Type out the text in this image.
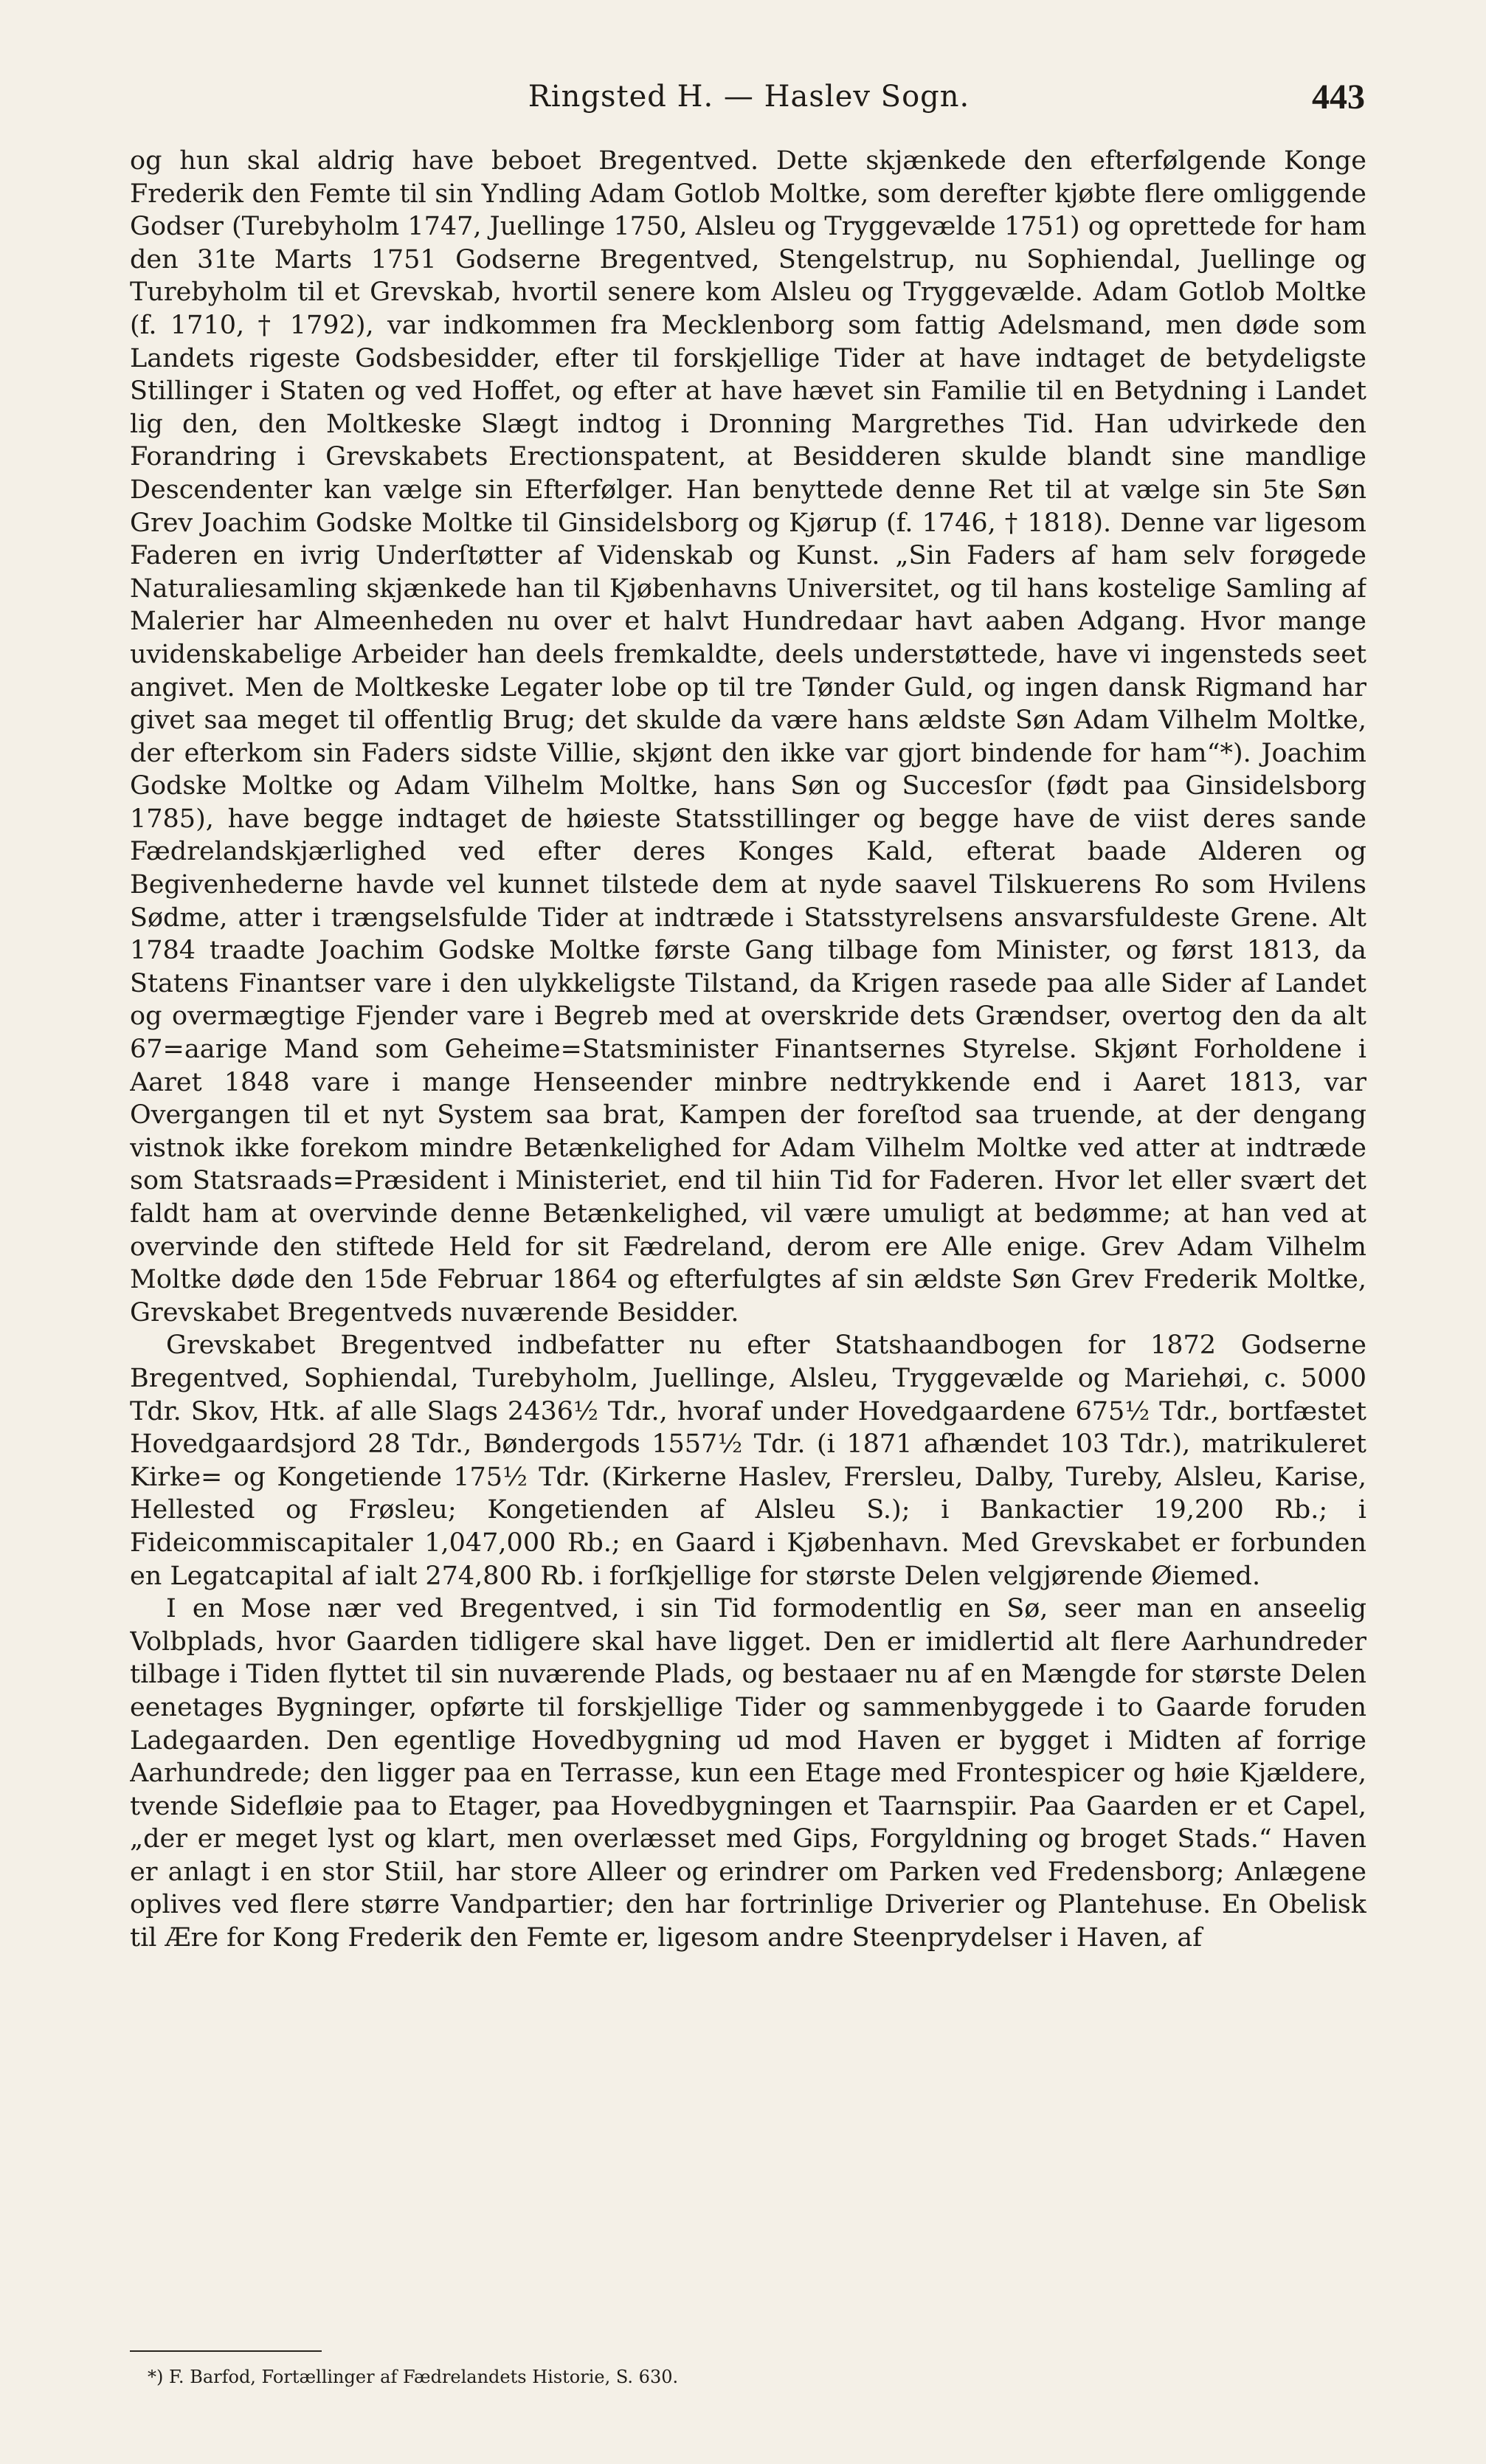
Ringsted H. — Haslev Sogn.	443

og hun skal aldrig have beboet Bregentved. Dette skjænkede den efterfølgende Konge Frederik den Femte til sin Yndling Adam Gotlob Moltke, som derefter kjøbte flere omliggende Godser (Turebyholm 1747, Juellinge 1750, Alsleu og Tryggevælde 1751) og oprettede for ham den 31te Marts 1751 Godserne Bregentved, Stengelstrup, nu Sophiendal, Juellinge og Turebyholm til et Grevskab, hvortil senere kom Alsleu og Tryggevælde. Adam Gotlob Moltke (f. 1710, † 1792), var indkommen fra Mecklenborg som fattig Adelsmand, men døde som Landets rigeste Godsbesidder, efter til forskjellige Tider at have indtaget de betydeligste Stillinger i Staten og ved Hoffet, og efter at have hævet sin Familie til en Betydning i Landet lig den, den Moltkeske Slægt indtog i Dronning Margrethes Tid. Han udvirkede den Forandring i Grevskabets Erectionspatent, at Besidderen skulde blandt sine mandlige Descendenter kan vælge sin Efterfølger. Han benyttede denne Ret til at vælge sin 5te Søn Grev Joachim Godske Moltke til Ginsidelsborg og Kjørup (f. 1746, † 1818). Denne var ligesom Faderen en ivrig Underſtøtter af Videnskab og Kunst. „Sin Faders af ham selv forøgede Naturaliesamling skjænkede han til Kjøbenhavns Universitet, og til hans kostelige Samling af Malerier har Almeenheden nu over et halvt Hundredaar havt aaben Adgang. Hvor mange uvidenskabelige Arbeider han deels fremkaldte, deels understøttede, have vi ingensteds seet angivet. Men de Moltkeske Legater lobe op til tre Tønder Guld, og ingen dansk Rigmand har givet saa meget til offentlig Brug; det skulde da være hans ældste Søn Adam Vilhelm Moltke, der efterkom sin Faders sidste Villie, skjønt den ikke var gjort bindende for ham“*). Joachim Godske Moltke og Adam Vilhelm Moltke, hans Søn og Succesſor (født paa Ginsidelsborg 1785), have begge indtaget de høieste Statsstillinger og begge have de viist deres sande Fædrelandskjærlighed ved efter deres Konges Kald, efterat baade Alderen og Begivenhederne havde vel kunnet tilstede dem at nyde saavel Tilskuerens Ro som Hvilens Sødme, atter i trængselsfulde Tider at indtræde i Statsstyrelsens ansvarsfuldeste Grene. Alt 1784 traadte Joachim Godske Moltke første Gang tilbage fom Minister, og først 1813, da Statens Finantser vare i den ulykkeligste Tilstand, da Krigen rasede paa alle Sider af Landet og overmægtige Fjender vare i Begreb med at overskride dets Grændser, overtog den da alt 67=aarige Mand som Geheime=Statsminister Finantsernes Styrelse. Skjønt Forholdene i Aaret 1848 vare i mange Henseender minbre nedtrykkende end i Aaret 1813, var Overgangen til et nyt System saa brat, Kampen der foreſtod saa truende, at der dengang vistnok ikke forekom mindre Betænkelighed for Adam Vilhelm Moltke ved atter at indtræde som Statsraads=Præsident i Ministeriet, end til hiin Tid for Faderen. Hvor let eller svært det faldt ham at overvinde denne Betænkelighed, vil være umuligt at bedømme; at han ved at overvinde den stiftede Held for sit Fædreland, derom ere Alle enige. Grev Adam Vilhelm Moltke døde den 15de Februar 1864 og efterfulgtes af sin ældste Søn Grev Frederik Moltke, Grevskabet Bregentveds nuværende Besidder.

Grevskabet Bregentved indbefatter nu efter Statshaandbogen for 1872 Godserne Bregentved, Sophiendal, Turebyholm, Juellinge, Alsleu, Tryggevælde og Mariehøi, c. 5000 Tdr. Skov, Htk. af alle Slags 2436½ Tdr., hvoraf under Hovedgaardene 675½ Tdr., bortfæstet Hovedgaardsjord 28 Tdr., Bøndergods 1557½ Tdr. (i 1871 afhændet 103 Tdr.), matrikuleret Kirke= og Kongetiende 175½ Tdr. (Kirkerne Haslev, Frersleu, Dalby, Tureby, Alsleu, Karise, Hellested og Frøsleu; Kongetienden af Alsleu S.); i Bankactier 19,200 Rb.; i Fideicommiscapitaler 1,047,000 Rb.; en Gaard i Kjøbenhavn. Med Grevskabet er forbunden en Legatcapital af ialt 274,800 Rb. i forſkjellige for største Delen velgjørende Øiemed.

I en Mose nær ved Bregentved, i sin Tid formodentlig en Sø, seer man en anseelig Volbplads, hvor Gaarden tidligere skal have ligget. Den er imidlertid alt flere Aarhundreder tilbage i Tiden flyttet til sin nuværende Plads, og bestaaer nu af en Mængde for største Delen eenetages Bygninger, opførte til forskjellige Tider og sammenbyggede i to Gaarde foruden Ladegaarden. Den egentlige Hovedbygning ud mod Haven er bygget i Midten af forrige Aarhundrede; den ligger paa en Terrasse, kun een Etage med Frontespicer og høie Kjældere, tvende Sidefløie paa to Etager, paa Hovedbygningen et Taarnspiir. Paa Gaarden er et Capel, „der er meget lyst og klart, men overlæsset med Gips, Forgyldning og broget Stads.“ Haven er anlagt i en stor Stiil, har store Alleer og erindrer om Parken ved Fredensborg; Anlægene oplives ved flere større Vandpartier; den har fortrinlige Driverier og Plantehuse. En Obelisk til Ære for Kong Frederik den Femte er, ligesom andre Steenprydelser i Haven, af

*) F. Barfod, Fortællinger af Fædrelandets Historie, S. 630.
